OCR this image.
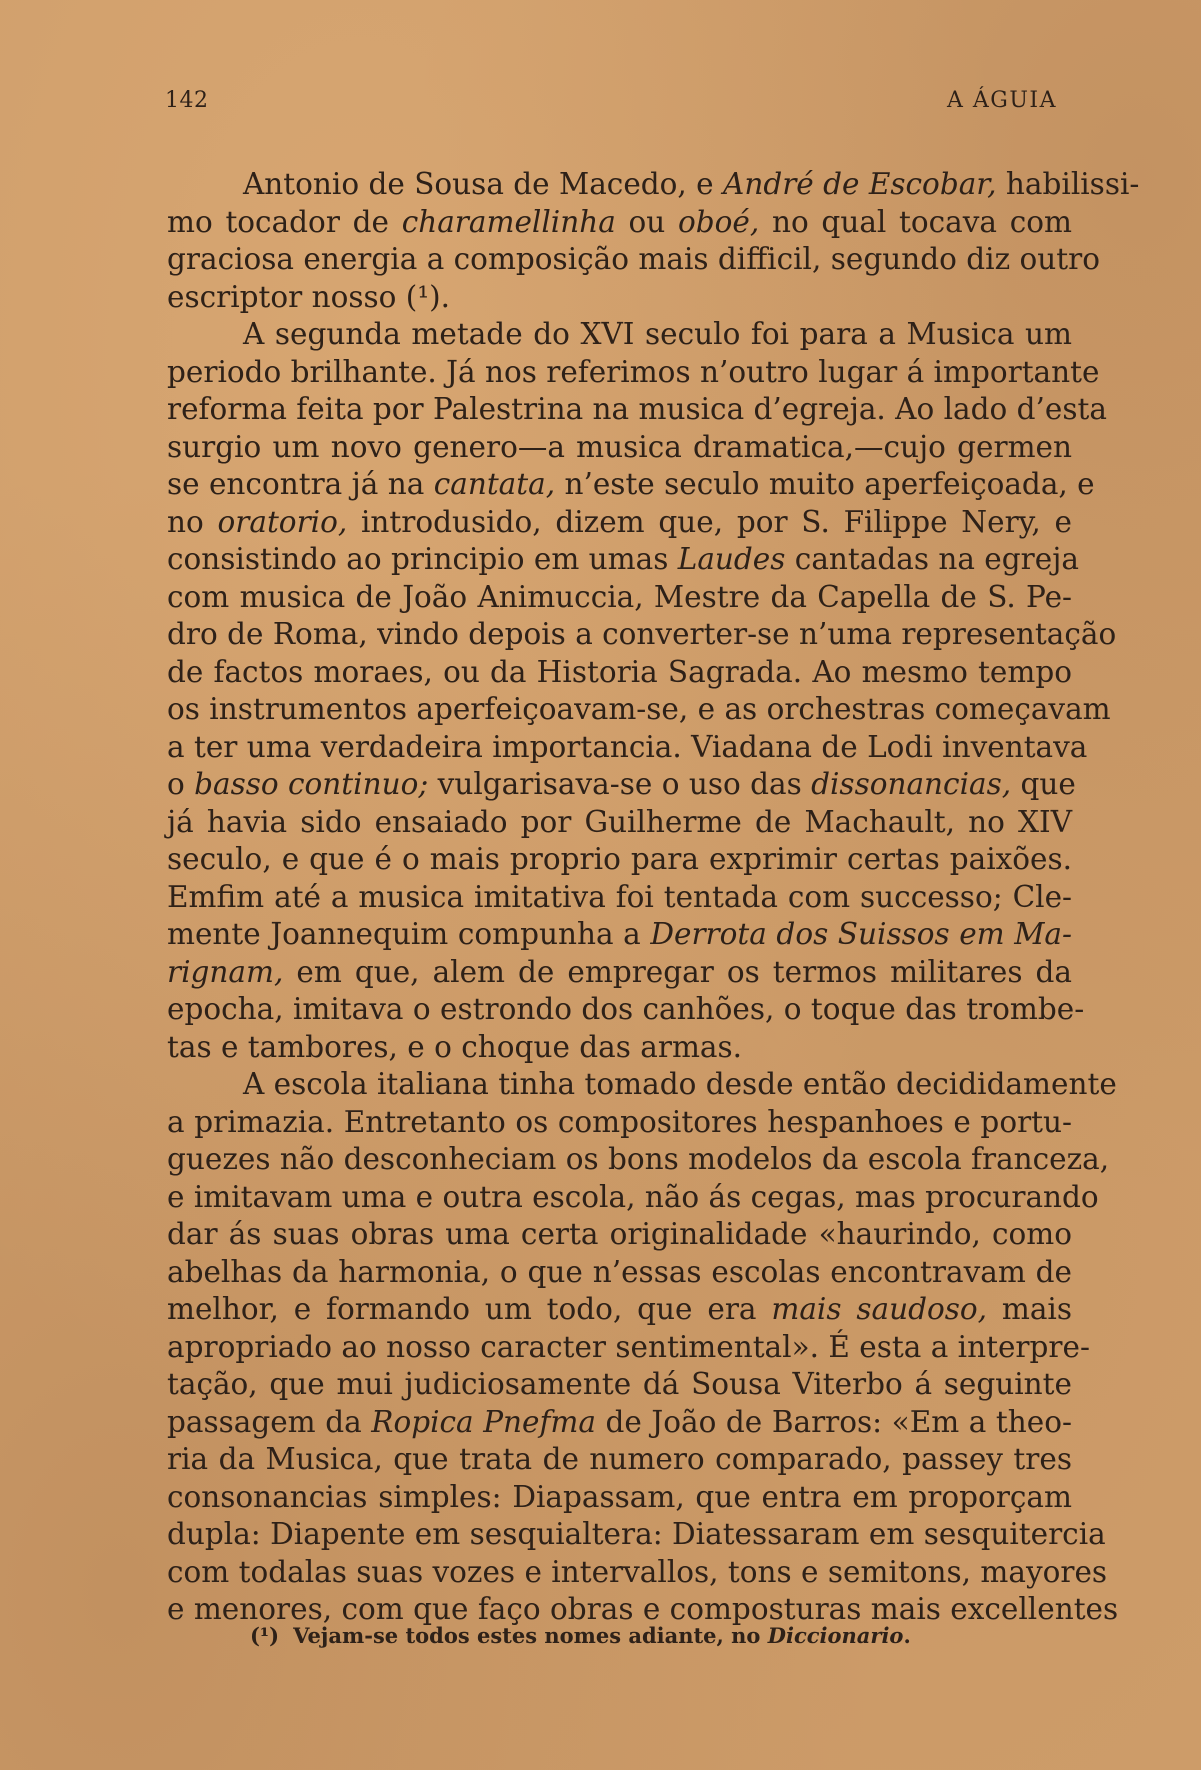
142	A ÁGUIA
Antonio de Sousa de Macedo, e André de Escobar, habilissi-
mo tocador de charamellinha ou oboé, no qual tocava com
graciosa energia a composição mais difficil, segundo diz outro
escriptor nosso (¹).
A segunda metade do XVI seculo foi para a Musica um
periodo brilhante. Já nos referimos n’outro lugar á importante
reforma feita por Palestrina na musica d’egreja. Ao lado d’esta
surgio um novo genero—a musica dramatica,—cujo germen
se encontra já na cantata, n’este seculo muito aperfeiçoada, e
no oratorio, introdusido, dizem que, por S. Filippe Nery, e
consistindo ao principio em umas Laudes cantadas na egreja
com musica de João Animuccia, Mestre da Capella de S. Pe-
dro de Roma, vindo depois a converter-se n’uma representação
de factos moraes, ou da Historia Sagrada. Ao mesmo tempo
os instrumentos aperfeiçoavam-se, e as orchestras começavam
a ter uma verdadeira importancia. Viadana de Lodi inventava
o basso continuo; vulgarisava-se o uso das dissonancias, que
já havia sido ensaiado por Guilherme de Machault, no XIV
seculo, e que é o mais proprio para exprimir certas paixões.
Emfim até a musica imitativa foi tentada com successo; Cle-
mente Joannequim compunha a Derrota dos Suissos em Ma-
rignam, em que, alem de empregar os termos militares da
epocha, imitava o estrondo dos canhões, o toque das trombe-
tas e tambores, e o choque das armas.
A escola italiana tinha tomado desde então decididamente
a primazia. Entretanto os compositores hespanhoes e portu-
guezes não desconheciam os bons modelos da escola franceza,
e imitavam uma e outra escola, não ás cegas, mas procurando
dar ás suas obras uma certa originalidade «haurindo, como
abelhas da harmonia, o que n’essas escolas encontravam de
melhor, e formando um todo, que era mais saudoso, mais
apropriado ao nosso caracter sentimental». É esta a interpre-
tação, que mui judiciosamente dá Sousa Viterbo á seguinte
passagem da Ropica Pnefma de João de Barros: «Em a theo-
ria da Musica, que trata de numero comparado, passey tres
consonancias simples: Diapassam, que entra em proporçam
dupla: Diapente em sesquialtera: Diatessaram em sesquitercia
com todalas suas vozes e intervallos, tons e semitons, mayores
e menores, com que faço obras e composturas mais excellentes
(¹) Vejam-se todos estes nomes adiante, no Diccionario.
